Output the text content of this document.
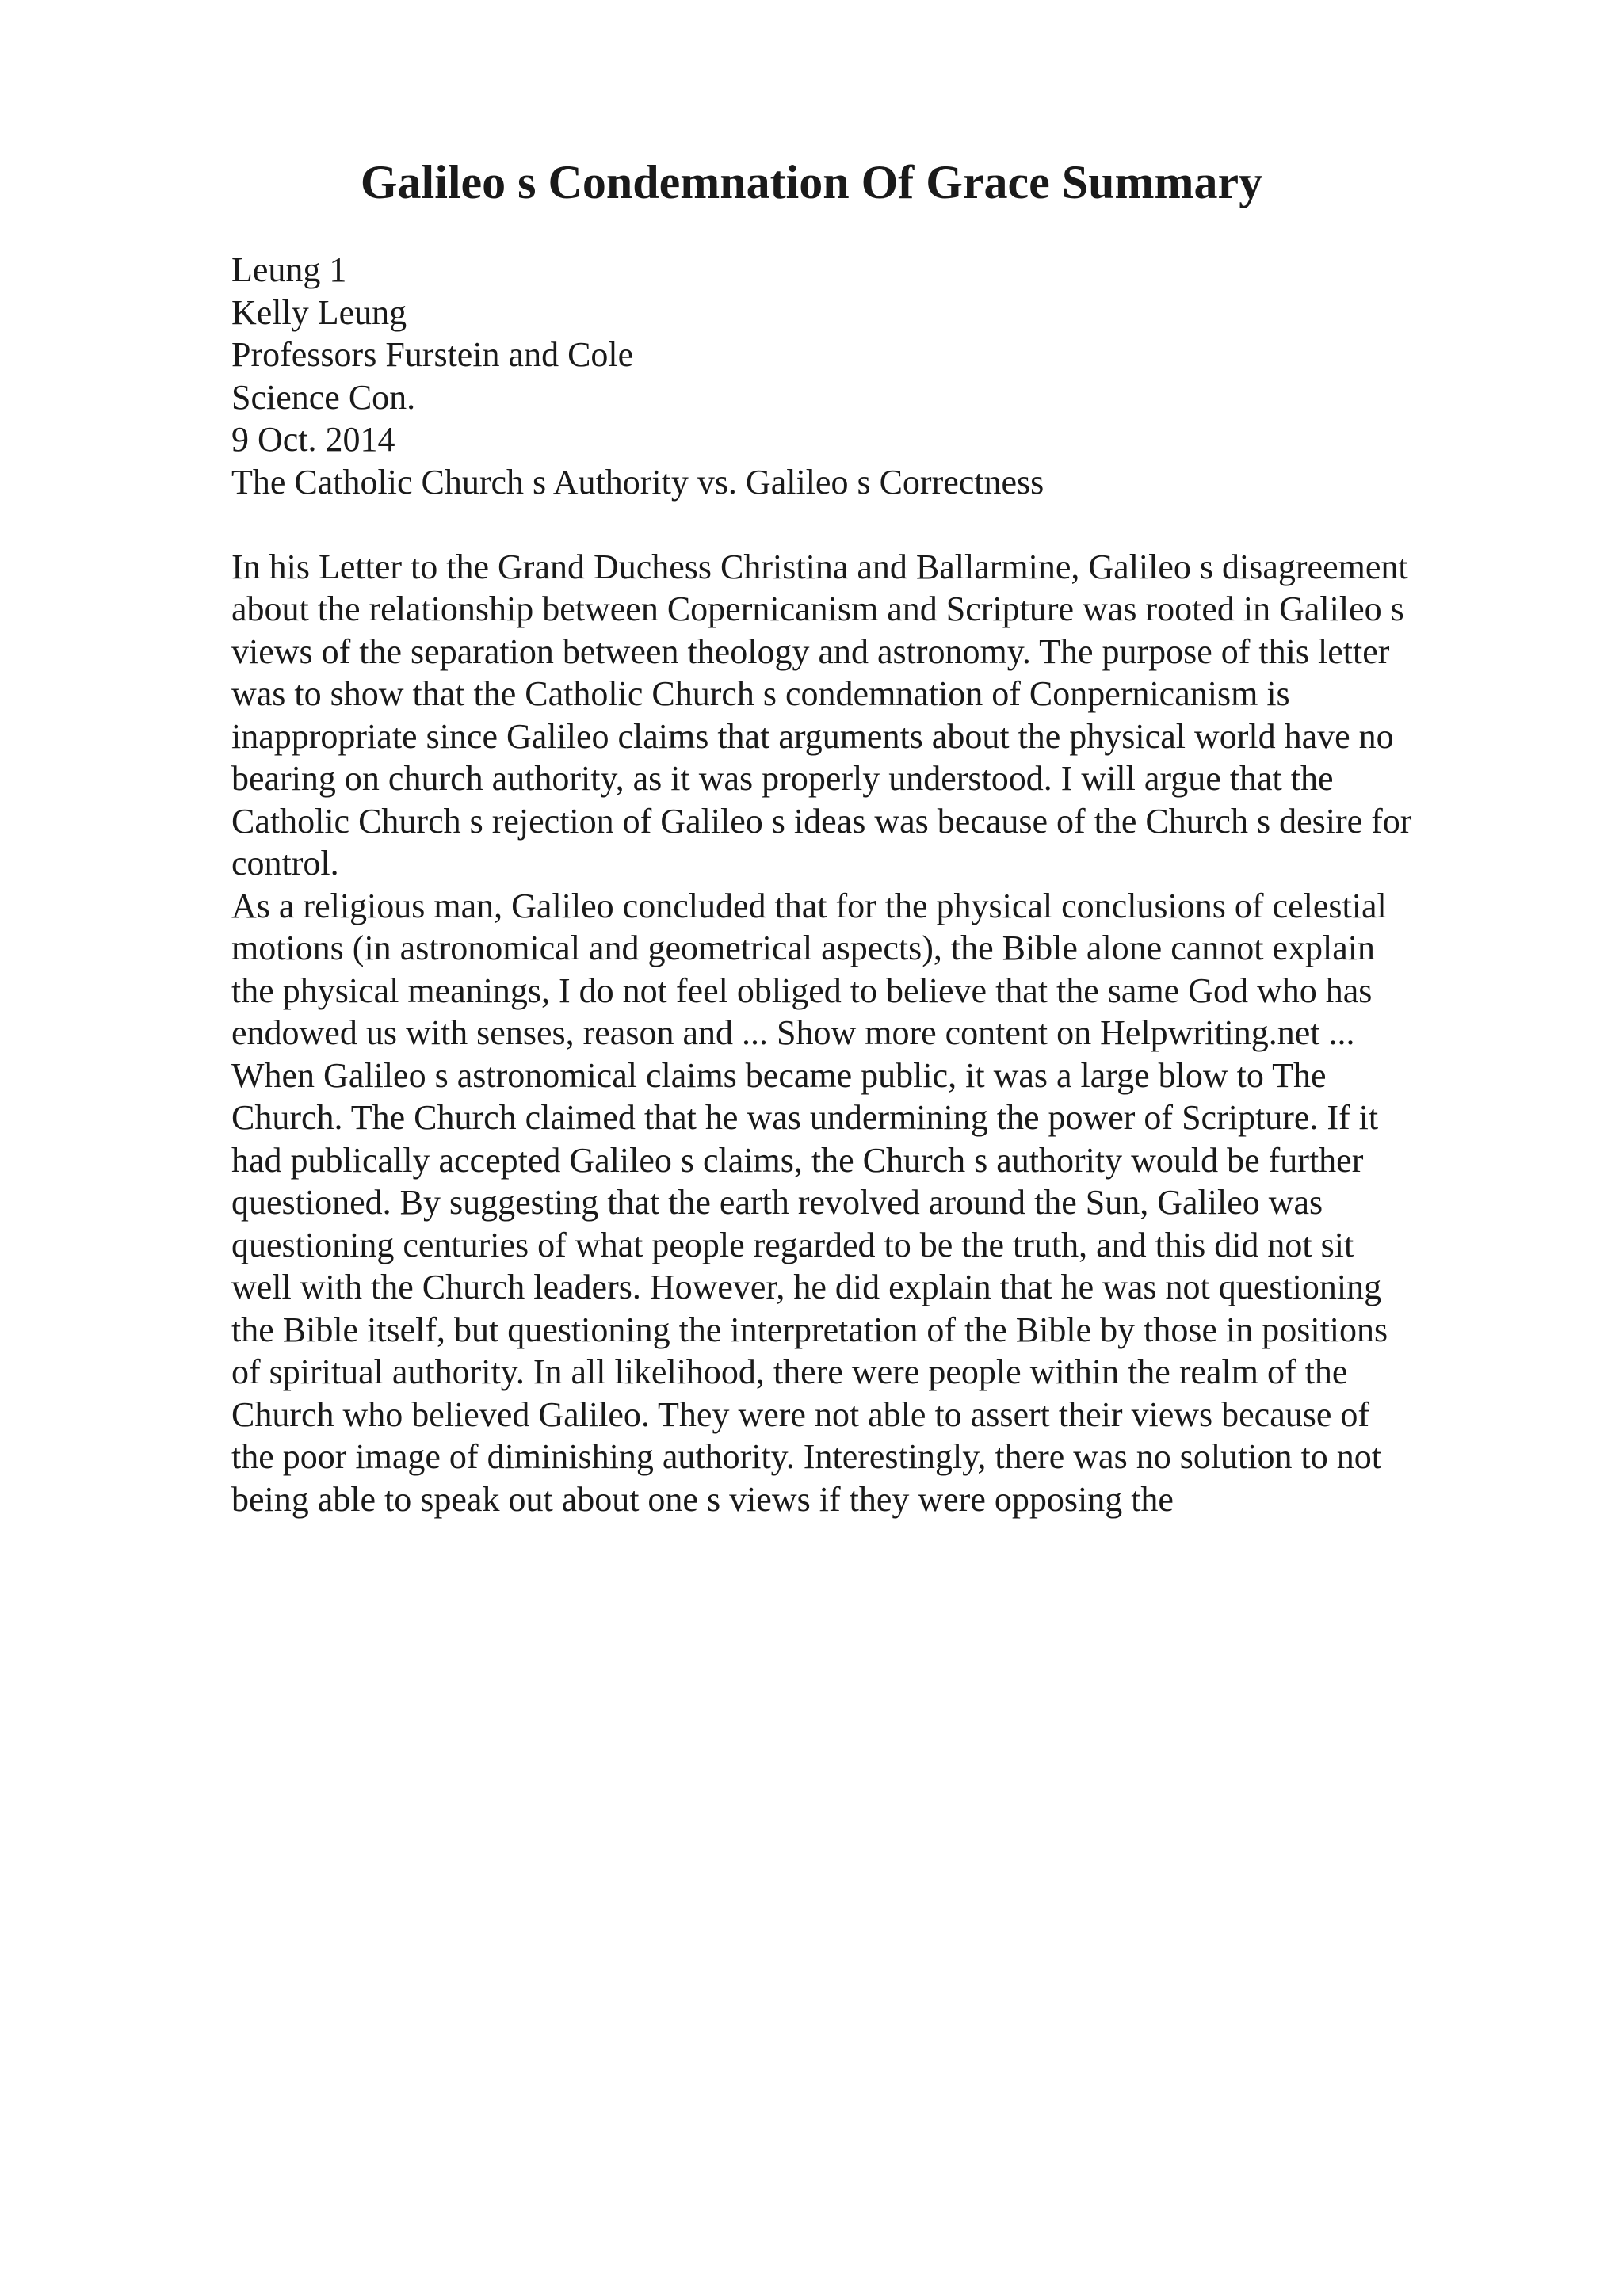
Galileo s Condemnation Of Grace Summary
Leung 1
Kelly Leung
Professors Furstein and Cole
Science Con.
9 Oct. 2014
The Catholic Church s Authority vs. Galileo s Correctness

In his Letter to the Grand Duchess Christina and Ballarmine, Galileo s disagreement
about the relationship between Copernicanism and Scripture was rooted in Galileo s
views of the separation between theology and astronomy. The purpose of this letter
was to show that the Catholic Church s condemnation of Conpernicanism is
inappropriate since Galileo claims that arguments about the physical world have no
bearing on church authority, as it was properly understood. I will argue that the
Catholic Church s rejection of Galileo s ideas was because of the Church s desire for
control.

As a religious man, Galileo concluded that for the physical conclusions of celestial
motions (in astronomical and geometrical aspects), the Bible alone cannot explain
the physical meanings, I do not feel obliged to believe that the same God who has
endowed us with senses, reason and ... Show more content on Helpwriting.net ...
When Galileo s astronomical claims became public, it was a large blow to The
Church. The Church claimed that he was undermining the power of Scripture. If it
had publically accepted Galileo s claims, the Church s authority would be further
questioned. By suggesting that the earth revolved around the Sun, Galileo was
questioning centuries of what people regarded to be the truth, and this did not sit
well with the Church leaders. However, he did explain that he was not questioning
the Bible itself, but questioning the interpretation of the Bible by those in positions
of spiritual authority. In all likelihood, there were people within the realm of the
Church who believed Galileo. They were not able to assert their views because of
the poor image of diminishing authority. Interestingly, there was no solution to not
being able to speak out about one s views if they were opposing the
